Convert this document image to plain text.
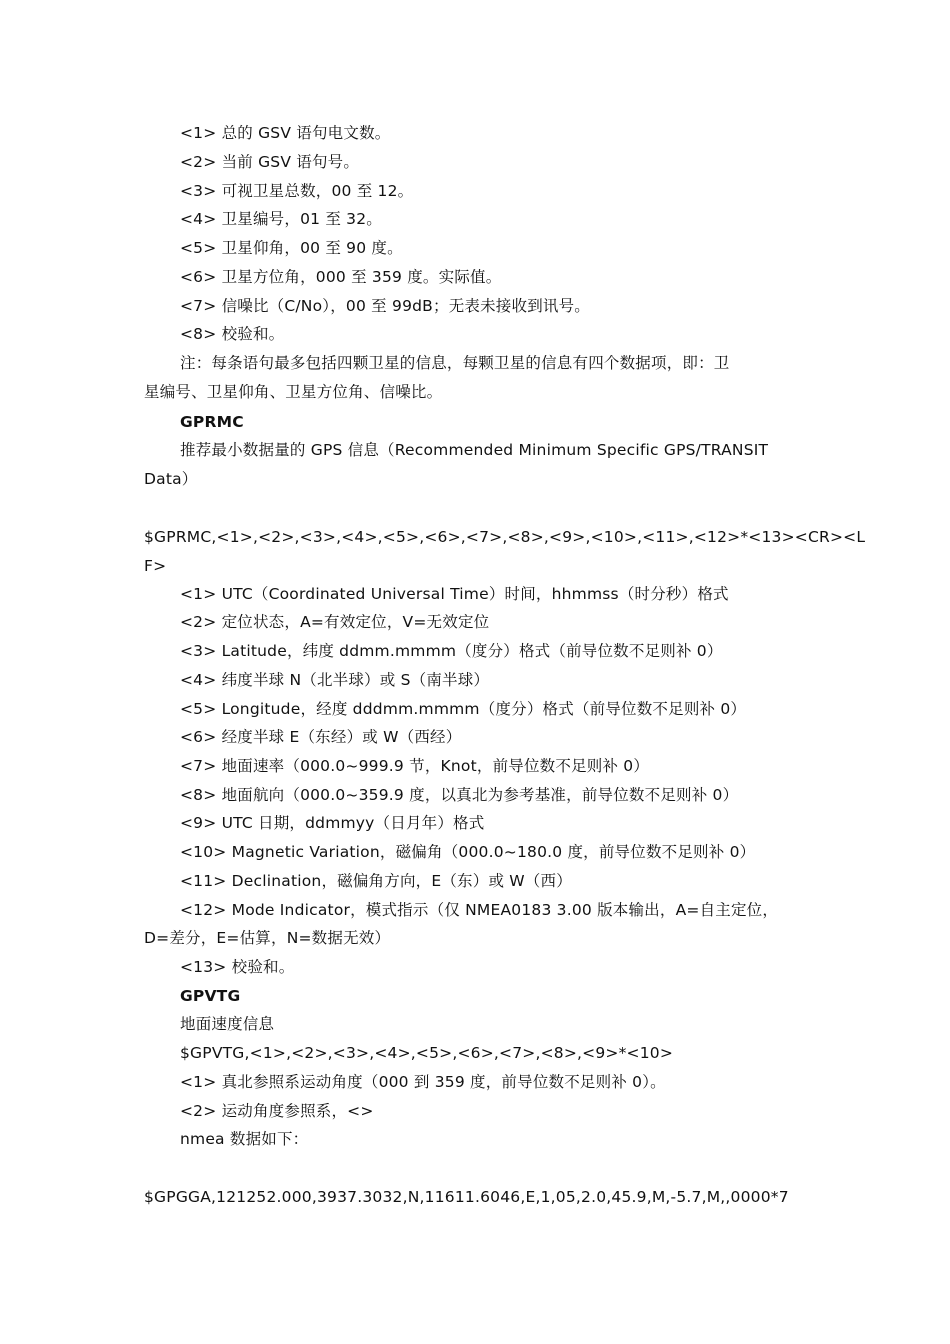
<1> 总的 GSV 语句电文数。
<2> 当前 GSV 语句号。
<3> 可视卫星总数，00 至 12。
<4> 卫星编号，01 至 32。
<5> 卫星仰角，00 至 90 度。
<6> 卫星方位角，000 至 359 度。实际值。
<7> 信噪比（C/No），00 至 99dB；无表未接收到讯号。
<8> 校验和。
注：每条语句最多包括四颗卫星的信息，每颗卫星的信息有四个数据项，即：卫
星编号、卫星仰角、卫星方位角、信噪比。
GPRMC
推荐最小数据量的 GPS 信息（Recommended Minimum Specific GPS/TRANSIT
Data）
$GPRMC,<1>,<2>,<3>,<4>,<5>,<6>,<7>,<8>,<9>,<10>,<11>,<12>*<13><CR><L
F>
<1> UTC（Coordinated Universal Time）时间，hhmmss（时分秒）格式
<2> 定位状态，A=有效定位，V=无效定位
<3> Latitude，纬度 ddmm.mmmm（度分）格式（前导位数不足则补 0）
<4> 纬度半球 N（北半球）或 S（南半球）
<5> Longitude，经度 dddmm.mmmm（度分）格式（前导位数不足则补 0）
<6> 经度半球 E（东经）或 W（西经）
<7> 地面速率（000.0~999.9 节，Knot，前导位数不足则补 0）
<8> 地面航向（000.0~359.9 度，以真北为参考基准，前导位数不足则补 0）
<9> UTC 日期，ddmmyy（日月年）格式
<10> Magnetic Variation，磁偏角（000.0~180.0 度，前导位数不足则补 0）
<11> Declination，磁偏角方向，E（东）或 W（西）
<12> Mode Indicator，模式指示（仅 NMEA0183 3.00 版本输出，A=自主定位，
D=差分，E=估算，N=数据无效）
<13> 校验和。
GPVTG
地面速度信息
$GPVTG,<1>,<2>,<3>,<4>,<5>,<6>,<7>,<8>,<9>*<10>
<1> 真北参照系运动角度（000 到 359 度，前导位数不足则补 0）。
<2> 运动角度参照系，<>
nmea 数据如下：
$GPGGA,121252.000,3937.3032,N,11611.6046,E,1,05,2.0,45.9,M,-5.7,M,,0000*7
